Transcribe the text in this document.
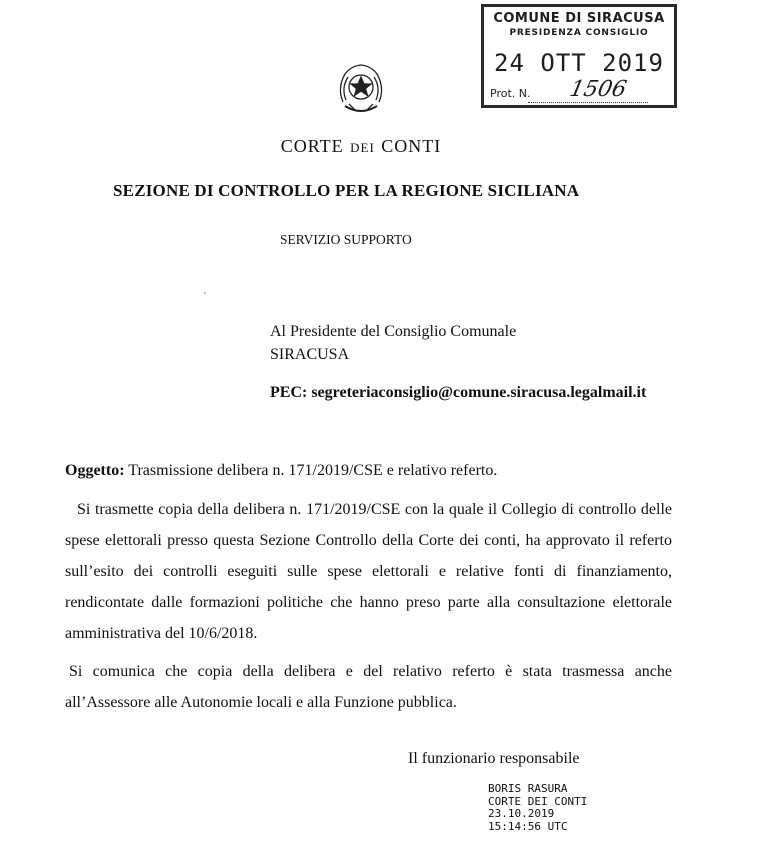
COMUNE DI SIRACUSA
PRESIDENZA CONSIGLIO
24 OTT 2019
Prot. N. 1506
CORTE DEI CONTI
SEZIONE DI CONTROLLO PER LA REGIONE SICILIANA
SERVIZIO SUPPORTO
Al Presidente del Consiglio Comunale
SIRACUSA
PEC: segreteriaconsiglio@comune.siracusa.legalmail.it
Oggetto: Trasmissione delibera n. 171/2019/CSE e relativo referto.

Si trasmette copia della delibera n. 171/2019/CSE con la quale il Collegio di controllo delle spese elettorali presso questa Sezione Controllo della Corte dei conti, ha approvato il referto sull’esito dei controlli eseguiti sulle spese elettorali e relative fonti di finanziamento, rendicontate dalle formazioni politiche che hanno preso parte alla consultazione elettorale amministrativa del 10/6/2018.

Si comunica che copia della delibera e del relativo referto è stata trasmessa anche all’Assessore alle Autonomie locali e alla Funzione pubblica.

Il funzionario responsabile
BORIS RASURA
CORTE DEI CONTI
23.10.2019
15:14:56 UTC
